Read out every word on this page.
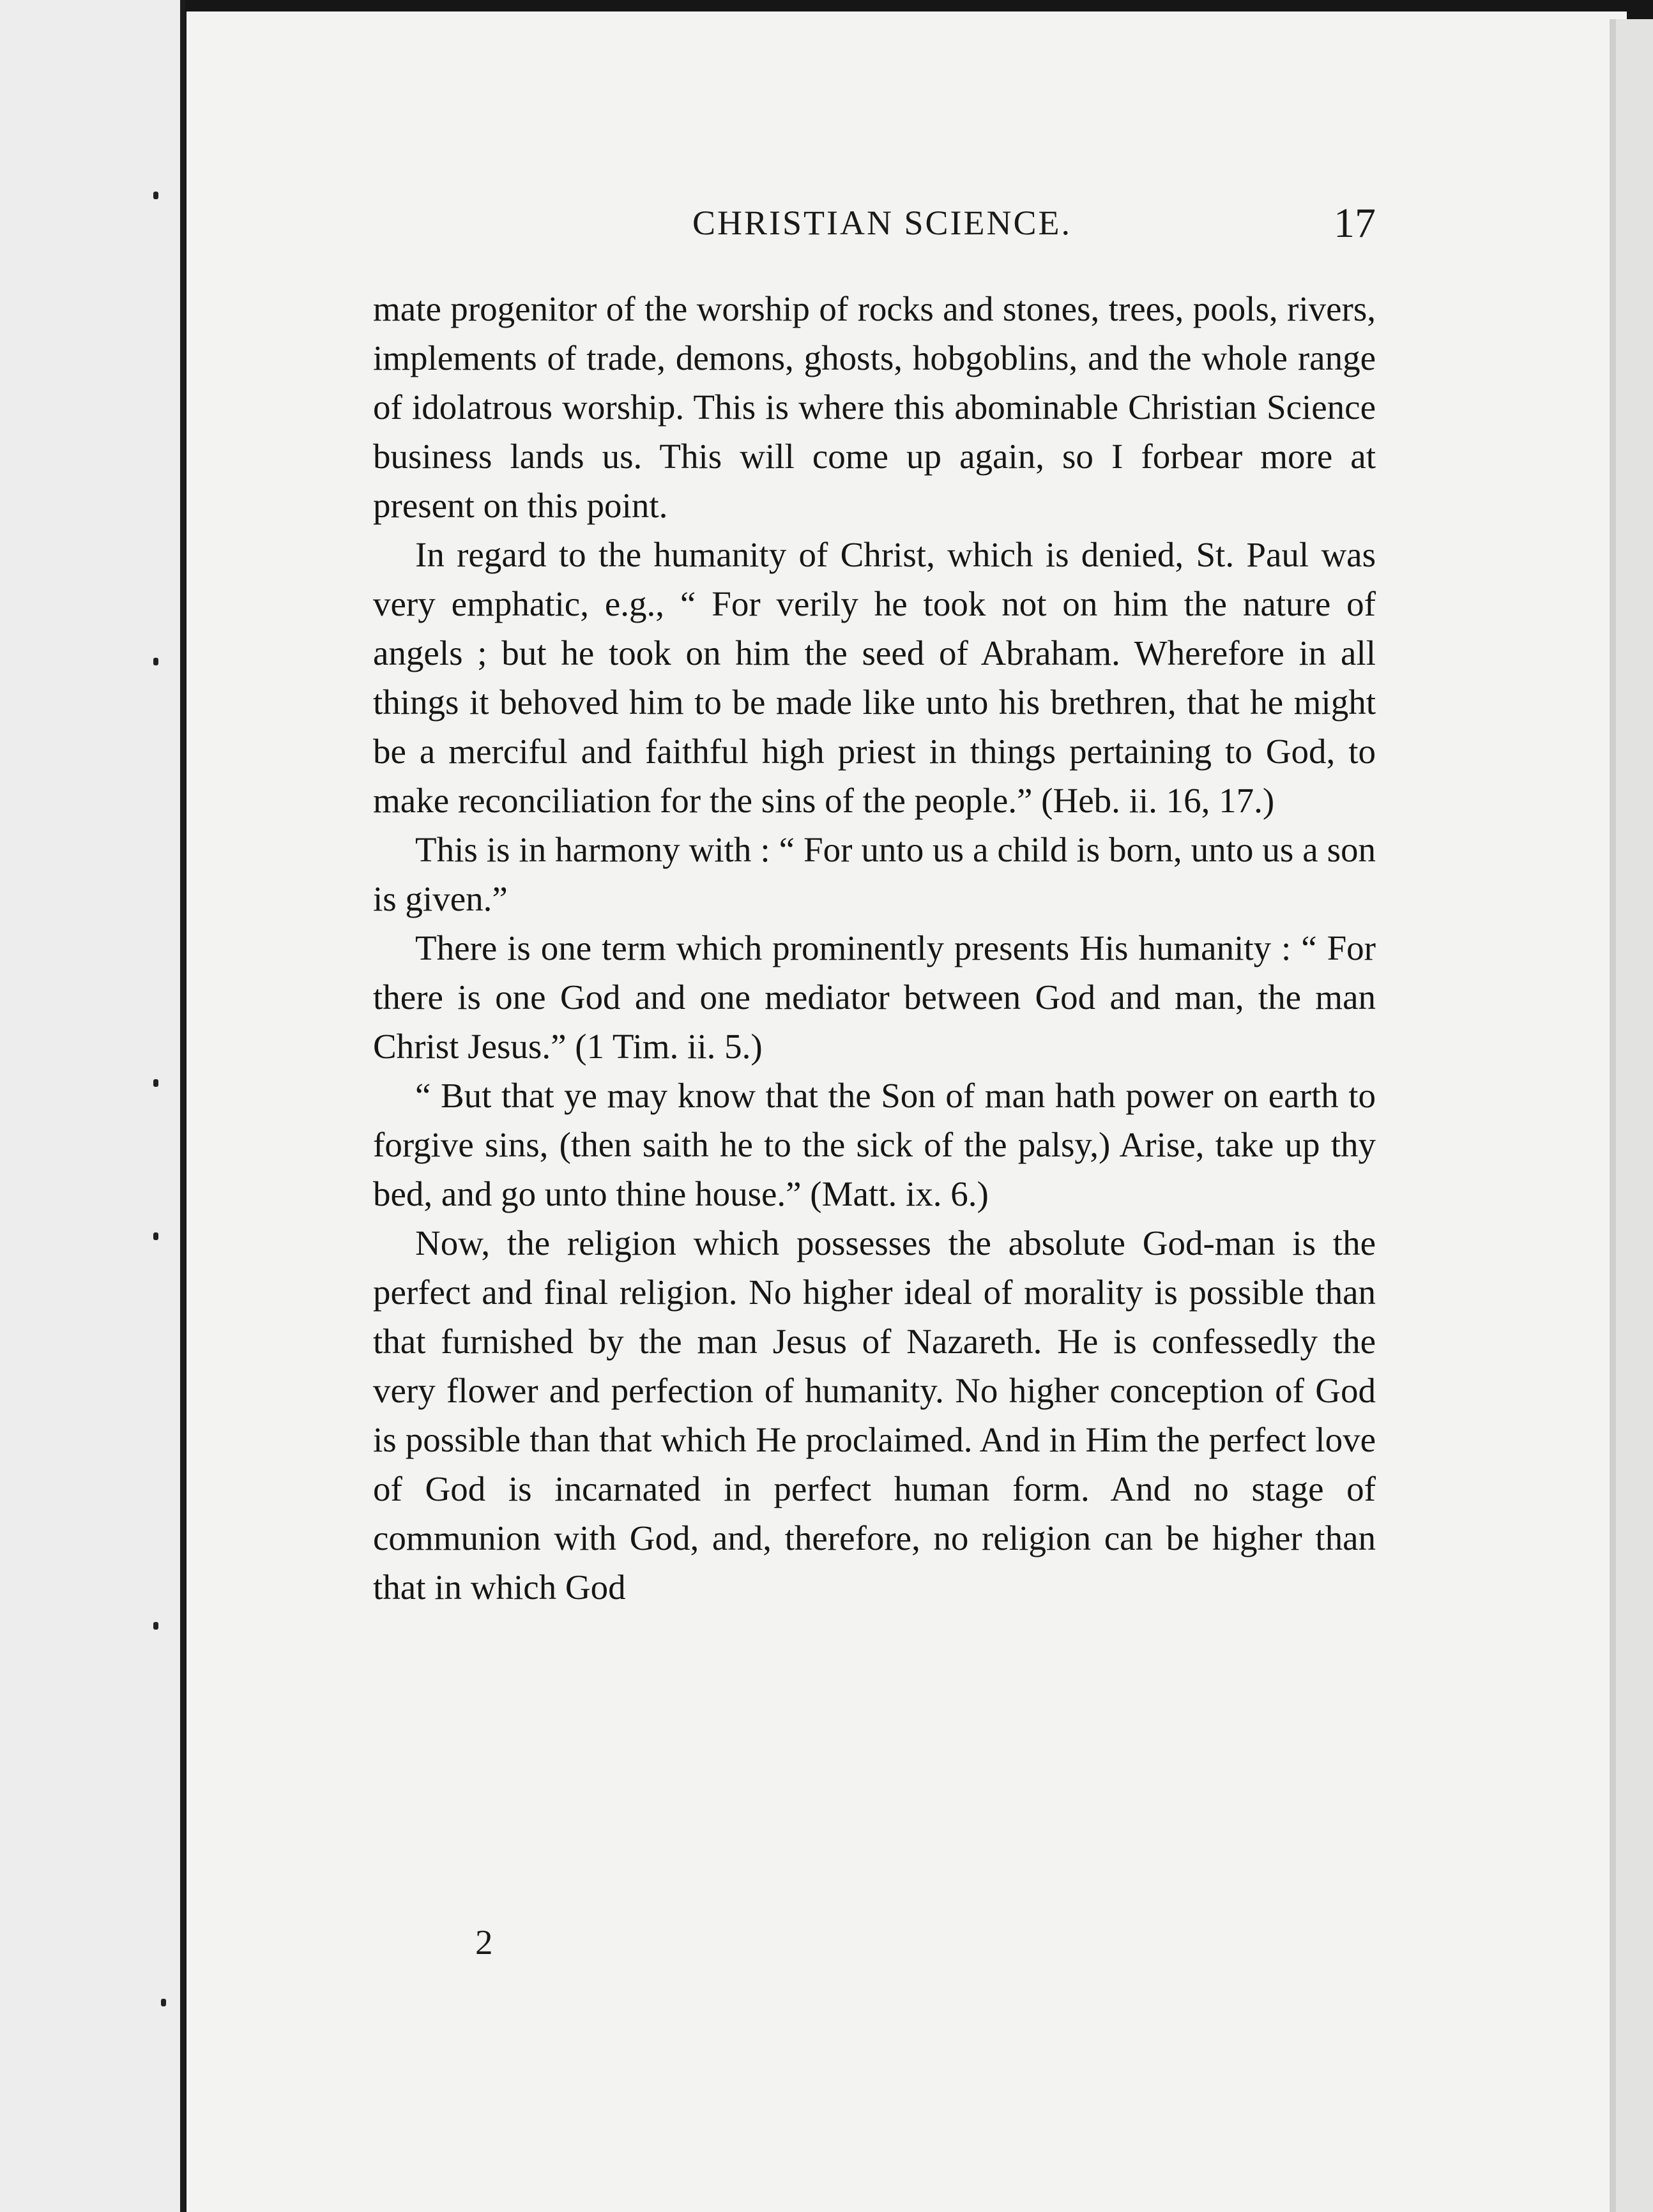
CHRISTIAN SCIENCE.	17

mate progenitor of the worship of rocks and stones, trees, pools, rivers, implements of trade, demons, ghosts, hobgoblins, and the whole range of idolatrous worship. This is where this abominable Christian Science business lands us. This will come up again, so I forbear more at present on this point.

In regard to the humanity of Christ, which is denied, St. Paul was very emphatic, e.g., “ For verily he took not on him the nature of angels ; but he took on him the seed of Abraham. Wherefore in all things it behoved him to be made like unto his brethren, that he might be a merciful and faithful high priest in things pertaining to God, to make reconciliation for the sins of the people.” (Heb. ii. 16, 17.)

This is in harmony with : “ For unto us a child is born, unto us a son is given.”

There is one term which prominently presents His humanity : “ For there is one God and one mediator between God and man, the man Christ Jesus.” (1 Tim. ii. 5.)

“ But that ye may know that the Son of man hath power on earth to forgive sins, (then saith he to the sick of the palsy,) Arise, take up thy bed, and go unto thine house.” (Matt. ix. 6.)

Now, the religion which possesses the absolute God-man is the perfect and final religion. No higher ideal of morality is possible than that furnished by the man Jesus of Nazareth. He is confessedly the very flower and perfection of humanity. No higher conception of God is possible than that which He proclaimed. And in Him the perfect love of God is incarnated in perfect human form. And no stage of communion with God, and, therefore, no religion can be higher than that in which God

2
